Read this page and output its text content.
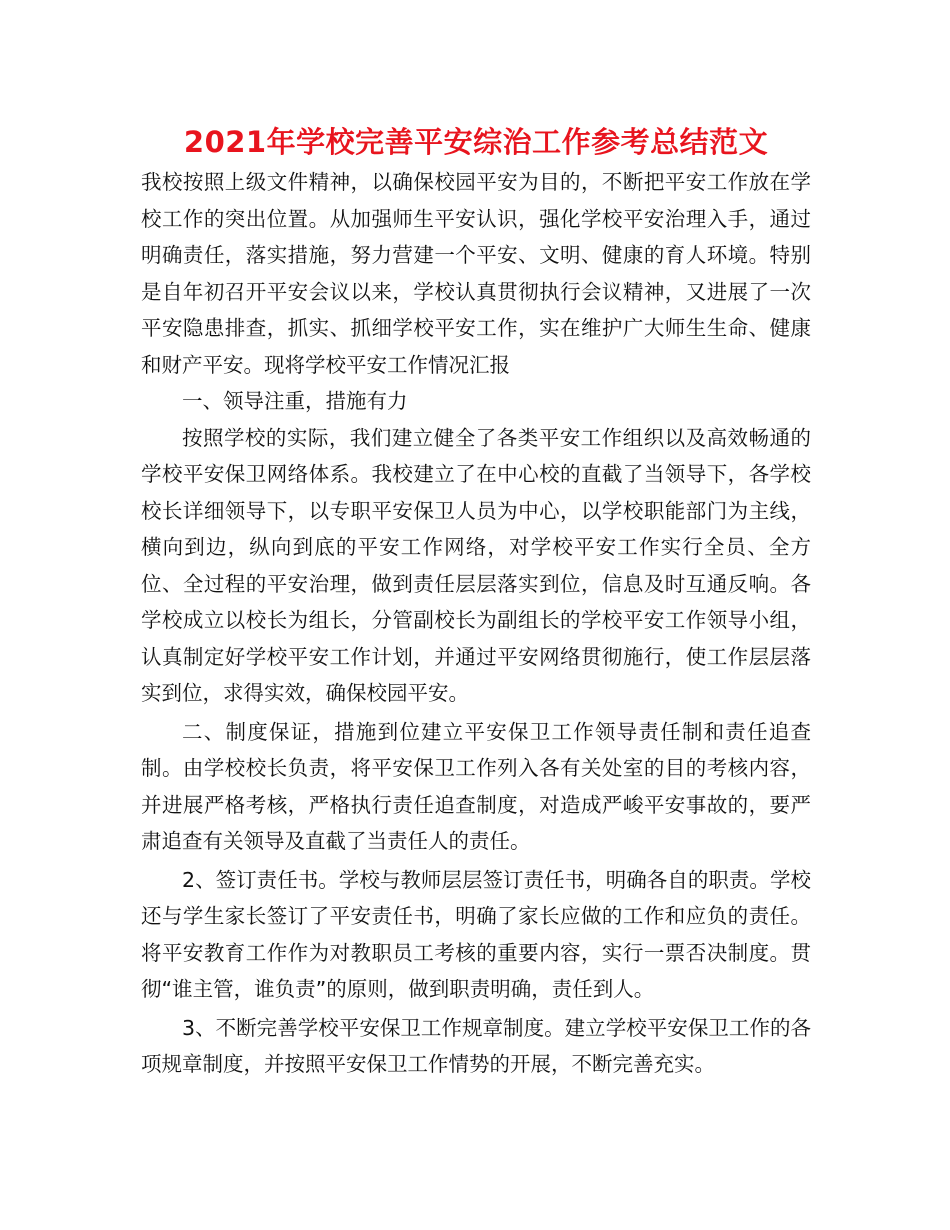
2021年学校完善平安综治工作参考总结范文

我校按照上级文件精神，以确保校园平安为目的，不断把平安工作放在学校工作的突出位置。从加强师生平安认识，强化学校平安治理入手，通过明确责任，落实措施，努力营建一个平安、文明、健康的育人环境。特别是自年初召开平安会议以来，学校认真贯彻执行会议精神，又进展了一次平安隐患排查，抓实、抓细学校平安工作，实在维护广大师生生命、健康和财产平安。现将学校平安工作情况汇报

一、领导注重，措施有力

按照学校的实际，我们建立健全了各类平安工作组织以及高效畅通的学校平安保卫网络体系。我校建立了在中心校的直截了当领导下，各学校校长详细领导下，以专职平安保卫人员为中心，以学校职能部门为主线，横向到边，纵向到底的平安工作网络，对学校平安工作实行全员、全方位、全过程的平安治理，做到责任层层落实到位，信息及时互通反响。各学校成立以校长为组长，分管副校长为副组长的学校平安工作领导小组，认真制定好学校平安工作计划，并通过平安网络贯彻施行，使工作层层落实到位，求得实效，确保校园平安。

二、制度保证，措施到位建立平安保卫工作领导责任制和责任追查制。由学校校长负责，将平安保卫工作列入各有关处室的目的考核内容，并进展严格考核，严格执行责任追查制度，对造成严峻平安事故的，要严肃追查有关领导及直截了当责任人的责任。

2、签订责任书。学校与教师层层签订责任书，明确各自的职责。学校还与学生家长签订了平安责任书，明确了家长应做的工作和应负的责任。将平安教育工作作为对教职员工考核的重要内容，实行一票否决制度。贯彻“谁主管，谁负责”的原则，做到职责明确，责任到人。

3、不断完善学校平安保卫工作规章制度。建立学校平安保卫工作的各项规章制度，并按照平安保卫工作情势的开展，不断完善充实。
